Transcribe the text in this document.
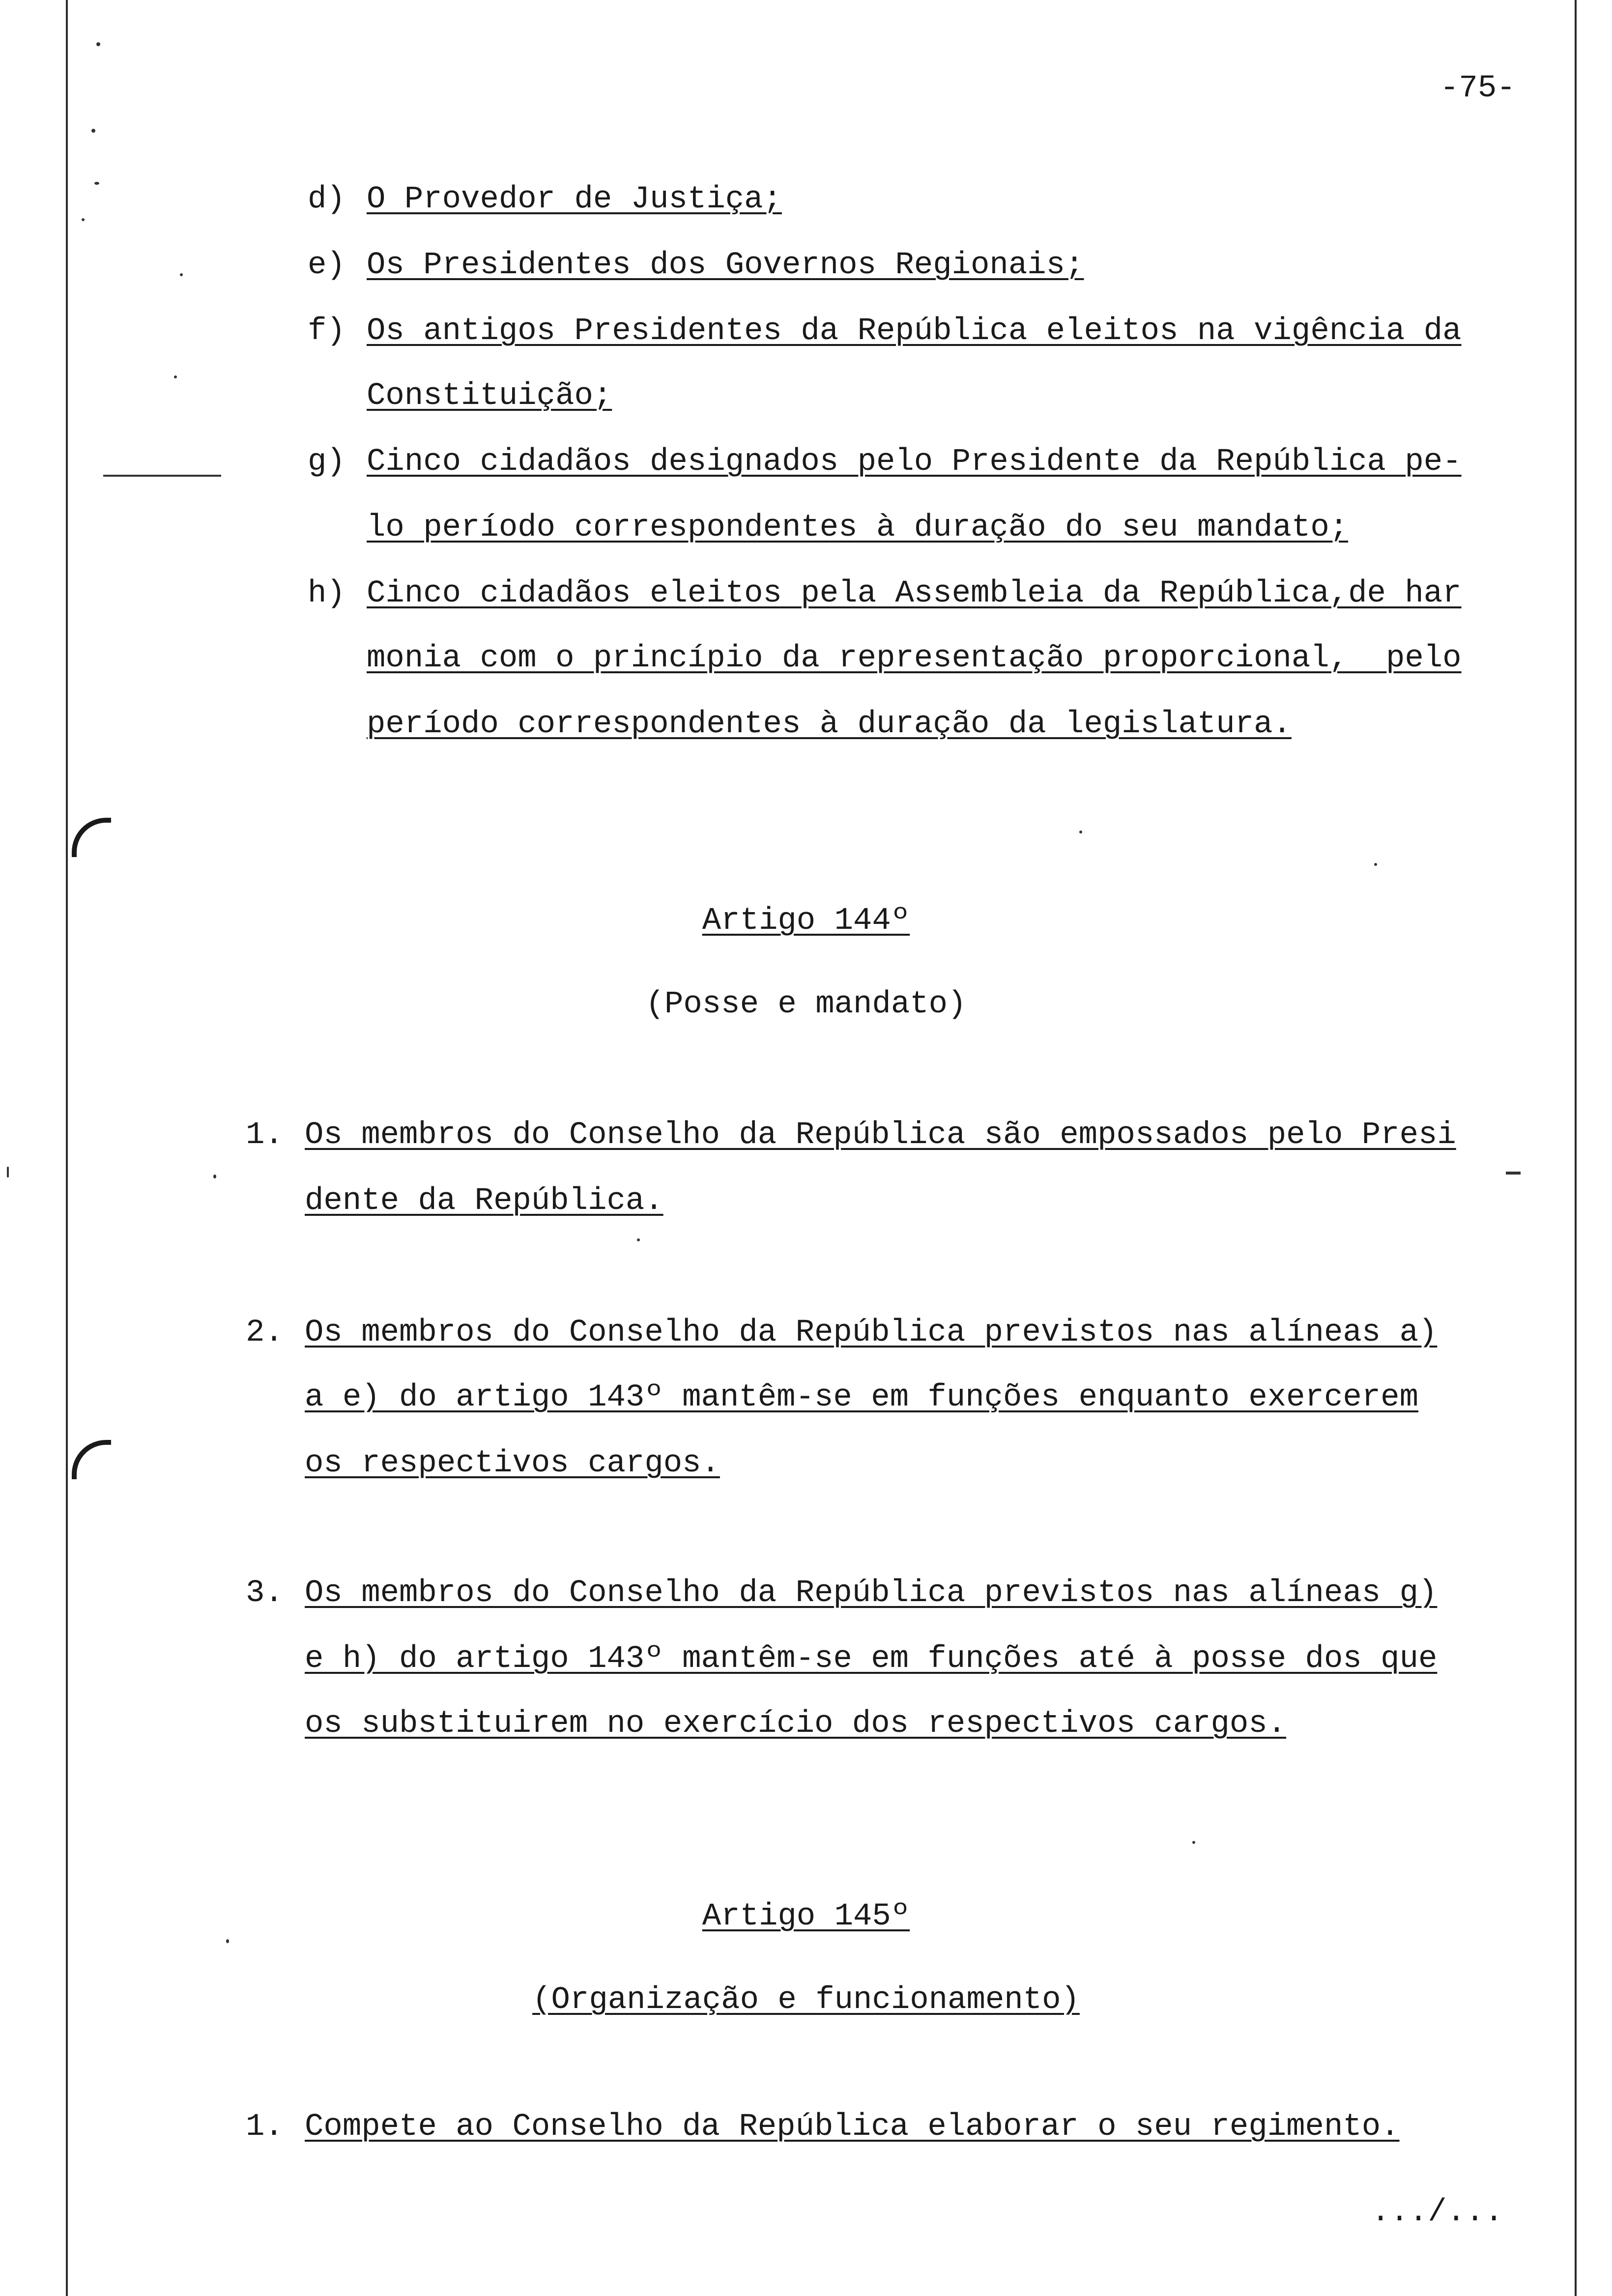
-75-
d) O Provedor de Justiça;
e) Os Presidentes dos Governos Regionais;
f) Os antigos Presidentes da República eleitos na vigência da
Constituição;
g) Cinco cidadãos designados pelo Presidente da República pe-
lo período correspondentes à duração do seu mandato;
h) Cinco cidadãos eleitos pela Assembleia da República,de har
monia com o princípio da representação proporcional,  pelo
período correspondentes à duração da legislatura.
Artigo 144º
(Posse e mandato)
1. Os membros do Conselho da República são empossados pelo Presi
dente da República.
2. Os membros do Conselho da República previstos nas alíneas a)
a e) do artigo 143º mantêm-se em funções enquanto exercerem
os respectivos cargos.
3. Os membros do Conselho da República previstos nas alíneas g)
e h) do artigo 143º mantêm-se em funções até à posse dos que
os substituirem no exercício dos respectivos cargos.
Artigo 145º
(Organização e funcionamento)
1. Compete ao Conselho da República elaborar o seu regimento.
.../...
